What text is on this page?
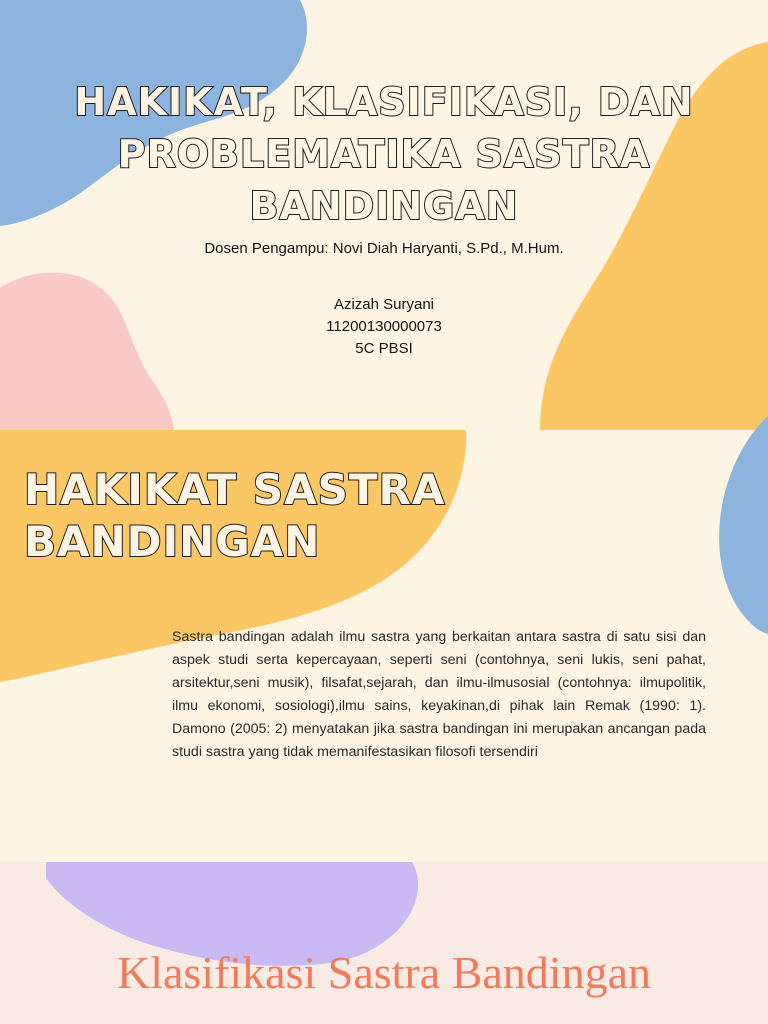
HAKIKAT, KLASIFIKASI, DAN PROBLEMATIKA SASTRA BANDINGAN
Dosen Pengampu: Novi Diah Haryanti, S.Pd., M.Hum.
Azizah Suryani
11200130000073
5C PBSI
HAKIKAT SASTRA BANDINGAN

Sastra bandingan adalah ilmu sastra yang berkaitan antara sastra di satu sisi dan aspek studi serta kepercayaan, seperti seni (contohnya, seni lukis, seni pahat, arsitektur,seni musik), filsafat,sejarah, dan ilmu-ilmusosial (contohnya: ilmupolitik, ilmu ekonomi, sosiologi),ilmu sains, keyakinan,di pihak lain Remak (1990: 1). Damono (2005: 2) menyatakan jika sastra bandingan ini merupakan ancangan pada studi sastra yang tidak memanifestasikan filosofi tersendiri

Klasifikasi Sastra Bandingan
